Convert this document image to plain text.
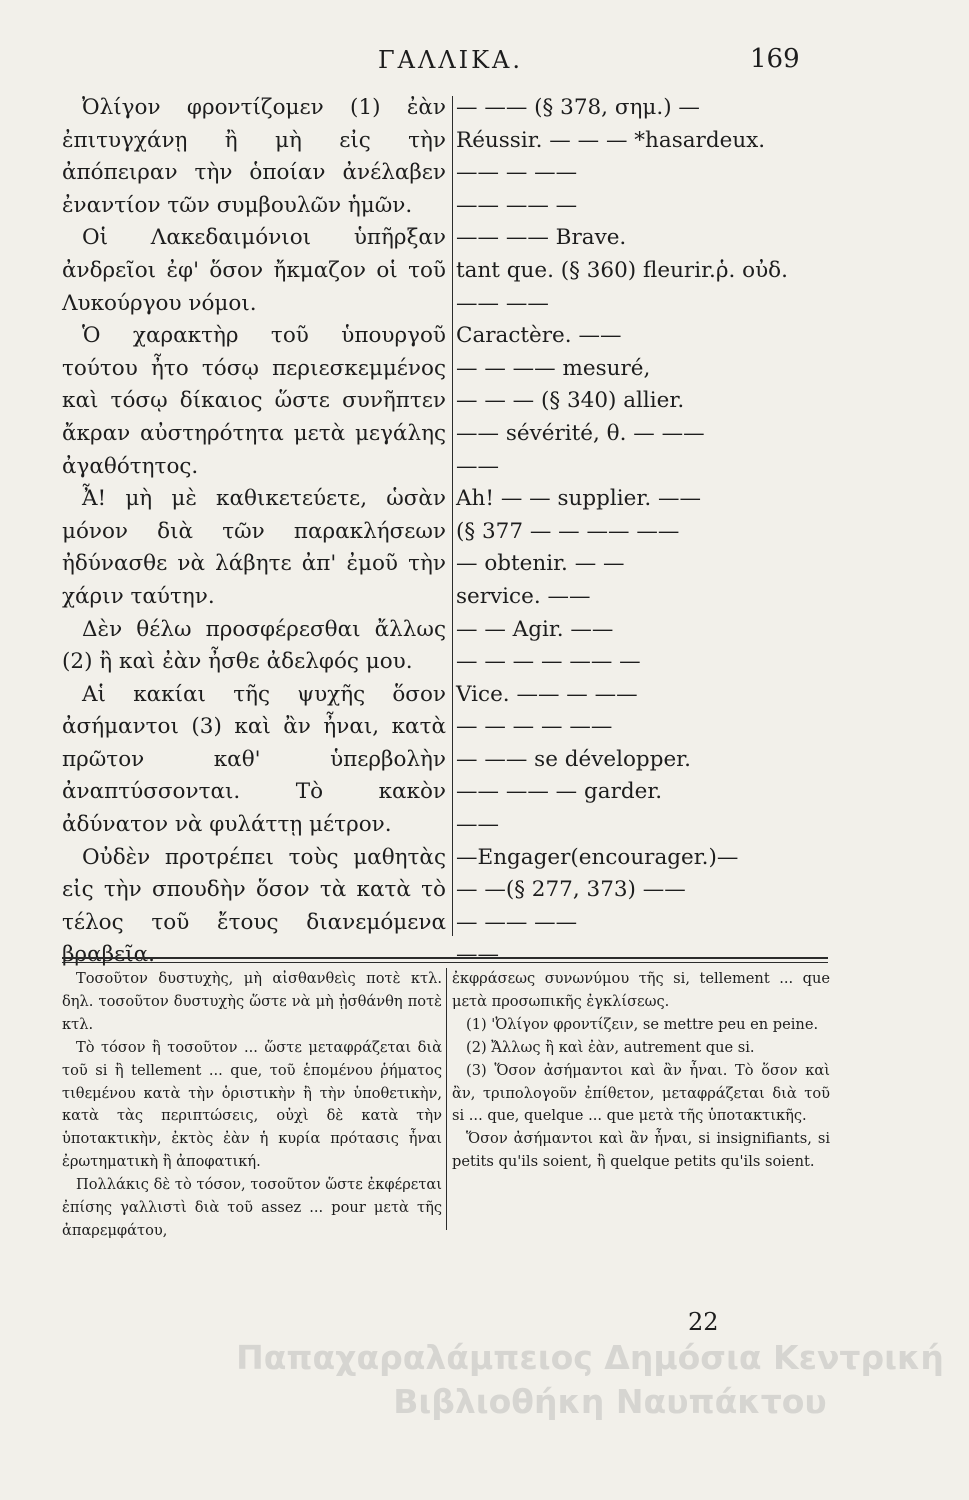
ΓΑΛΛΙΚΑ.	169

Ὀλίγον φροντίζομεν (1) ἐὰν ἐπιτυγχάνῃ ἢ μὴ εἰς τὴν ἀπόπειραν τὴν ὁποίαν ἀνέλαβεν ἐναντίον τῶν συμβουλῶν ἡμῶν.

Οἱ Λακεδαιμόνιοι ὑπῆρξαν ἀνδρεῖοι ἐφ' ὅσον ἤκμαζον οἱ τοῦ Λυκούργου νόμοι.

Ὁ χαρακτὴρ τοῦ ὑπουργοῦ τούτου ἦτο τόσῳ περιεσκεμμένος καὶ τόσῳ δίκαιος ὥστε συνῆπτεν ἄκραν αὐστηρότητα μετὰ μεγάλης ἀγαθότητος.

Ἆ! μὴ μὲ καθικετεύετε, ὡσὰν μόνον διὰ τῶν παρακλήσεων ἠδύνασθε νὰ λάβητε ἀπ' ἐμοῦ τὴν χάριν ταύτην.

Δὲν θέλω προσφέρεσθαι ἄλλως (2) ἢ καὶ ἐὰν ἦσθε ἀδελφός μου.

Αἱ κακίαι τῆς ψυχῆς ὅσον ἀσήμαντοι (3) καὶ ἂν ἦναι, κατὰ πρῶτον καθ' ὑπερβολὴν ἀναπτύσσονται. Τὸ κακὸν ἀδύνατον νὰ φυλάττῃ μέτρον.

Οὐδὲν προτρέπει τοὺς μαθητὰς εἰς τὴν σπουδὴν ὅσον τὰ κατὰ τὸ τέλος τοῦ ἔτους διανεμόμενα βραβεῖα.

— —— (§ 378, σημ.) —
Réussir. — — — *hasardeux.
—— — ——
—— —— —
—— —— Brave.
tant que. (§ 360) fleurir.ῥ. οὐδ.
—— ——
Caractère. ——
— — —— mesuré,
— — — (§ 340) allier.
—— sévérité, θ. — ——
——
Ah! — — supplier. ——
(§ 377 — — —— ——
— obtenir. — —
service. ——
— — Agir. ——
— — — — —— —
Vice. —— — ——
— — — — ——
— —— se développer.
—— —— — garder.
——
—Engager(encourager.)—
— —(§ 277, 373) ——
— —— ——
——

Τοσοῦτον δυστυχὴς, μὴ αἰσθανθεὶς ποτὲ κτλ. δηλ. τοσοῦτον δυστυχὴς ὥστε νὰ μὴ ᾐσθάνθη ποτὲ κτλ.

Τὸ τόσον ἢ τοσοῦτον ... ὥστε μεταφράζεται διὰ τοῦ si ἢ tellement ... que, τοῦ ἑπομένου ῥήματος τιθεμένου κατὰ τὴν ὁριστικὴν ἢ τὴν ὑποθετικὴν, κατὰ τὰς περιπτώσεις, οὐχὶ δὲ κατὰ τὴν ὑποτακτικὴν, ἐκτὸς ἐὰν ἡ κυρία πρότασις ἦναι ἐρωτηματικὴ ἢ ἀποφατική.

Πολλάκις δὲ τὸ τόσον, τοσοῦτον ὥστε ἐκφέρεται ἐπίσης γαλλιστὶ διὰ τοῦ assez ... pour μετὰ τῆς ἀπαρεμφάτου,

ἐκφράσεως συνωνύμου τῆς si, tellement ... que μετὰ προσωπικῆς ἐγκλίσεως.

(1) 'Ὀλίγον φροντίζειν, se mettre peu en peine.

(2) Ἄλλως ἢ καὶ ἐὰν, autrement que si.

(3) Ὅσον ἀσήμαντοι καὶ ἂν ἦναι. Τὸ ὅσον καὶ ἂν, τριπολογοῦν ἐπίθετον, μεταφράζεται διὰ τοῦ si ... que, quelque ... que μετὰ τῆς ὑποτακτικῆς.

Ὅσον ἀσήμαντοι καὶ ἂν ἦναι, si insignifiants, si petits qu'ils soient, ἢ quelque petits qu'ils soient.

22
Παπαχαραλάμπειος Δημόσια Κεντρική
Βιβλιοθήκη Ναυπάκτου
